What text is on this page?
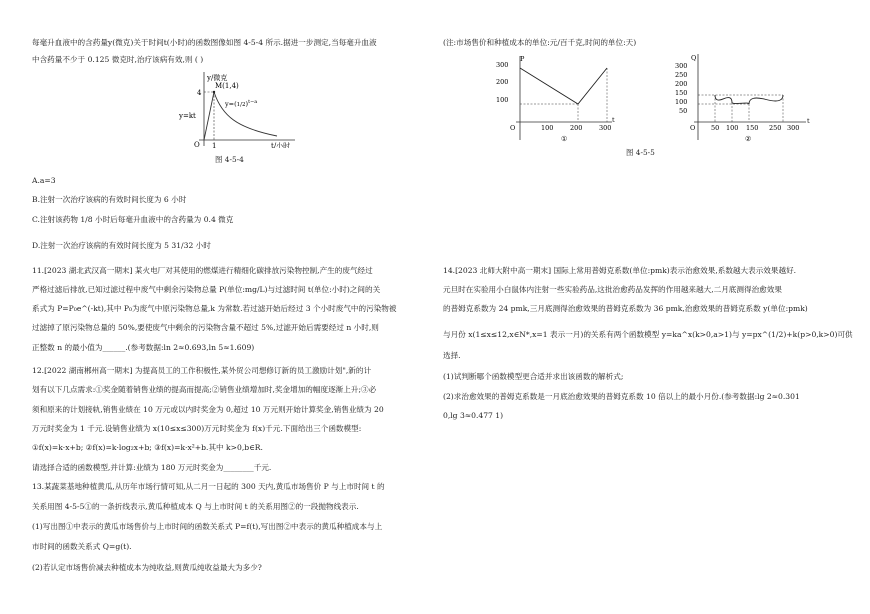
每毫升血液中的含药量y(微克)关于时间t(小时)的函数图像如图 4-5-4 所示.据进一步测定,当每毫升血液

中含药量不少于 0.125 微克时,治疗该病有效,则 ( )

y/微克
t/小时
O
4
1
M(1,4)
$y=(1/2)^{t-a}$
y=kt

图 4-5-4

A.a=3

B.注射一次治疗该病的有效时间长度为 6 小时

C.注射该药物 1/8 小时后每毫升血液中的含药量为 0.4 微克

D.注射一次治疗该病的有效时间长度为 5 31/32 小时

11.[2023 湖北武汉高一期末] 某火电厂对其使用的燃煤进行精细化碳排放污染物控制,产生的废气经过

严格过滤后排放,已知过滤过程中废气中剩余污染物总量 P(单位:mg/L)与过滤时间 t(单位:小时)之间的关

系式为 P=P₀e^(-kt),其中 P₀为废气中原污染物总量,k 为常数.若过滤开始后经过 3 个小时废气中的污染物被

过滤掉了原污染物总量的 50%,要使废气中剩余的污染物含量不超过 5%,过滤开始后需要经过 n 小时,则

正整数 n 的最小值为______.(参考数据:ln 2≈0.693,ln 5≈1.609)

12.[2022 湖南郴州高一期末] 为提高员工的工作积极性,某外贸公司想修订新的员工激励计划",新的计

划有以下几点需求:①奖金随着销售业绩的提高而提高;②销售业绩增加时,奖金增加的幅度逐渐上升;③必

须和原来的计划接轨,销售业绩在 10 万元或以内时奖金为 0,超过 10 万元则开始计算奖金,销售业绩为 20

万元时奖金为 1 千元.设销售业绩为 x(10≤x≤300)万元时奖金为 f(x)千元.下面给出三个函数模型:

①f(x)=k·x+b; ②f(x)=k·log₂x+b; ③f(x)=k·x²+b.其中 k>0,b∈R.

请选择合适的函数模型,并计算:业绩为 180 万元时奖金为________千元.

13.某蔬菜基地种植黄瓜,从历年市场行情可知,从二月一日起的 300 天内,黄瓜市场售价 P 与上市时间 t 的

关系用图 4-5-5①的一条折线表示,黄瓜种植成本 Q 与上市时间 t 的关系用图②的一段抛物线表示.

(1)写出图①中表示的黄瓜市场售价与上市时间的函数关系式 P=f(t),写出图②中表示的黄瓜种植成本与上

市时间的函数关系式 Q=g(t).

(2)若认定市场售价减去种植成本为纯收益,则黄瓜纯收益最大为多少?

(注:市场售价和种植成本的单位:元/百千克,时间的单位:天)

P
t
O
300
200
100
100	200	300
①
Q
t
O
300
250
200
150
100
50
50 100 150 250 300
②

图 4-5-5

14.[2023 北师大附中高一期末] 国际上常用普姆克系数(单位:pmk)表示治愈效果,系数越大表示效果越好.

元旦时在实验用小白鼠体内注射一些实验药品,这批治愈药品发挥的作用越来越大,二月底测得治愈效果

的普姆克系数为 24 pmk,三月底测得治愈效果的普姆克系数为 36 pmk,治愈效果的普姆克系数 y(单位:pmk)

与月份 x(1≤x≤12,x∈N*,x=1 表示一月)的关系有两个函数模型 y=ka^x(k>0,a>1)与 y=px^(1/2)+k(p>0,k>0)可供

选择.

(1)试判断哪个函数模型更合适并求出该函数的解析式;

(2)求治愈效果的普姆克系数是一月底治愈效果的普姆克系数 10 倍以上的最小月份.(参考数据:lg 2≈0.301

0,lg 3≈0.477 1)
